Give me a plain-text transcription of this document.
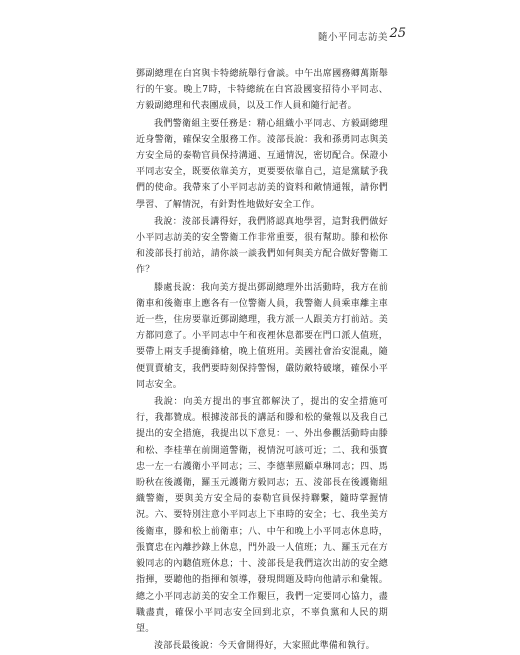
隨小平同志訪美 25

鄧副總理在白宮與卡特總統舉行會談。中午出席國務卿萬斯舉行的午宴。晚上7時，卡特總統在白宮設國宴招待小平同志、方毅副總理和代表團成員，以及工作人員和隨行記者。

我們警衛組主要任務是：精心組織小平同志、方毅副總理近身警衛，確保安全服務工作。淩部長說：我和孫勇同志與美方安全局的泰勒官員保持溝通、互通情況，密切配合。保證小平同志安全，既要依靠美方，更要要依靠自己，這是黨賦予我們的使命。我帶來了小平同志訪美的資料和敵情通報，請你們學習、了解情況，有針對性地做好安全工作。

我說：淩部長講得好，我們將認真地學習，這對我們做好小平同志訪美的安全警衛工作非常重要，很有幫助。滕和松你和淩部長打前站，請你談一談我們如何與美方配合做好警衛工作？

滕處長說：我向美方提出鄧副總理外出活動時，我方在前衛車和後衛車上應各有一位警衛人員，我警衛人員乘車離主車近一些，住房要靠近鄧副總理，我方派一人跟美方打前站。美方都同意了。小平同志中午和夜裡休息都要在門口派人值班，要帶上兩支手提衝鋒槍，晚上值班用。美國社會治安混亂，隨便買賣槍支，我們要時刻保持警惕，嚴防敵特破壞，確保小平同志安全。

我說：向美方提出的事宜都解決了，提出的安全措施可行，我都贊成。根據淩部長的講話和滕和松的彙報以及我自己提出的安全措施，我提出以下意見：一、外出參觀活動時由滕和松、李桂華在前開道警衛，視情況可該可近；二、我和張寶忠一左一右護衛小平同志；三、李德華照顧卓琳同志；四、馬盼秋在後護衛，羅玉元護衛方毅同志；五、淩部長在後護衛組織警衛，要與美方安全局的泰勒官員保持聯繫，隨時掌握情況。六、要特別注意小平同志上下車時的安全；七、我坐美方後衛車，滕和松上前衛車；八、中午和晚上小平同志休息時，張寶忠在內離抄錄上休息，門外設一人值班；九、羅玉元在方毅同志的內聽值班休息；十、淩部長是我們這次出訪的安全總指揮，要聽他的指揮和領導，發現問題及時向他請示和彙報。總之小平同志訪美的安全工作艱巨，我們一定要同心協力，盡職盡責，確保小平同志安全回到北京，不辜負黨和人民的期望。

淩部長最後說：今天會開得好，大家照此準備和執行。
